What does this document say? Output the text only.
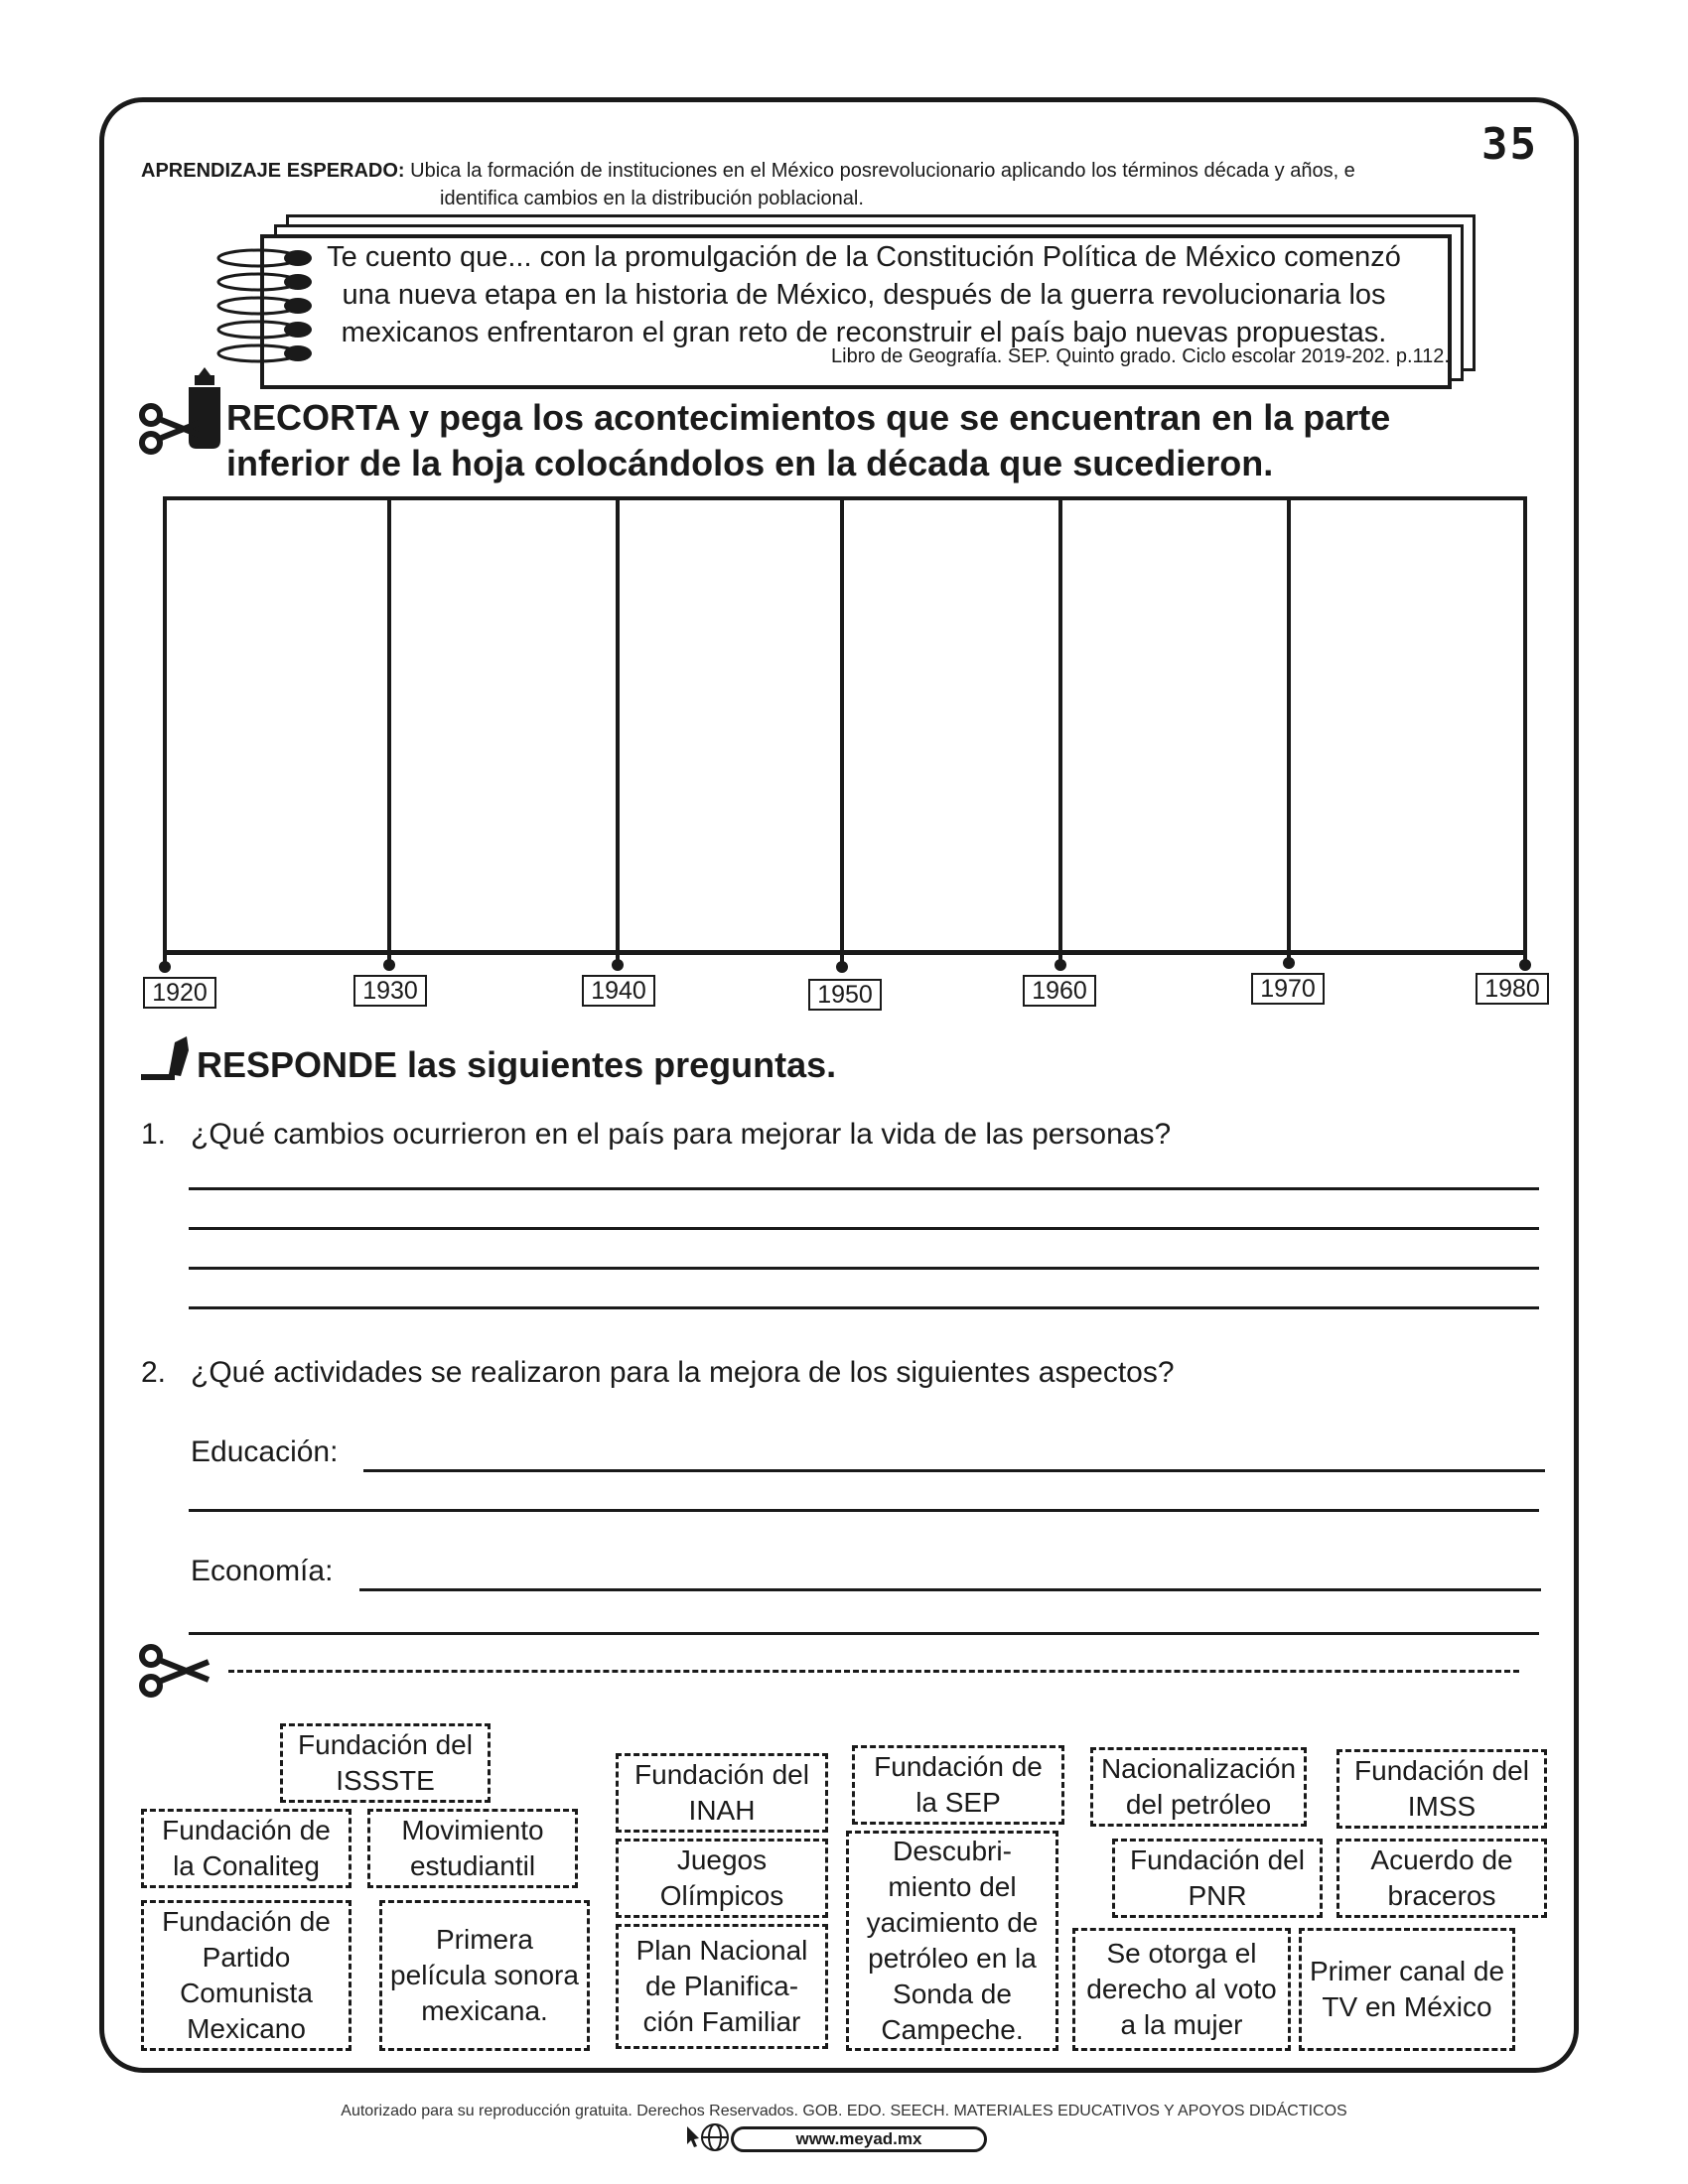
35
APRENDIZAJE ESPERADO: Ubica la formación de instituciones en el México posrevolucionario aplicando los términos década y años, e
identifica cambios en la distribución poblacional.
Te cuento que... con la promulgación de la Constitución Política de México comenzó
una nueva etapa en la historia de México, después de la guerra revolucionaria los
mexicanos enfrentaron el gran reto de reconstruir el país bajo nuevas propuestas.
Libro de Geografía. SEP. Quinto grado. Ciclo escolar 2019-202. p.112.
RECORTA y pega los acontecimientos que se encuentran en la parte
inferior de la hoja colocándolos en la década que sucedieron.
1920	1930	1940	1950	1960	1970	1980
RESPONDE las siguientes preguntas.
1. ¿Qué cambios ocurrieron en el país para mejorar la vida de las personas?
2. ¿Qué actividades se realizaron para la mejora de los siguientes aspectos?
Educación:
Economía:
Fundación del ISSSTE
Fundación de la Conaliteg
Movimiento estudiantil
Fundación de Partido Comunista Mexicano
Primera película sonora mexicana.
Fundación del INAH
Juegos Olímpicos
Plan Nacional de Planifica-ción Familiar
Fundación de la SEP
Descubri-miento del yacimiento de petróleo en la Sonda de Campeche.
Nacionalización del petróleo
Fundación del PNR
Se otorga el derecho al voto a la mujer
Fundación del IMSS
Acuerdo de braceros
Primer canal de TV en México
Autorizado para su reproducción gratuita. Derechos Reservados. GOB. EDO. SEECH. MATERIALES EDUCATIVOS Y APOYOS DIDÁCTICOS
www.meyad.mx
